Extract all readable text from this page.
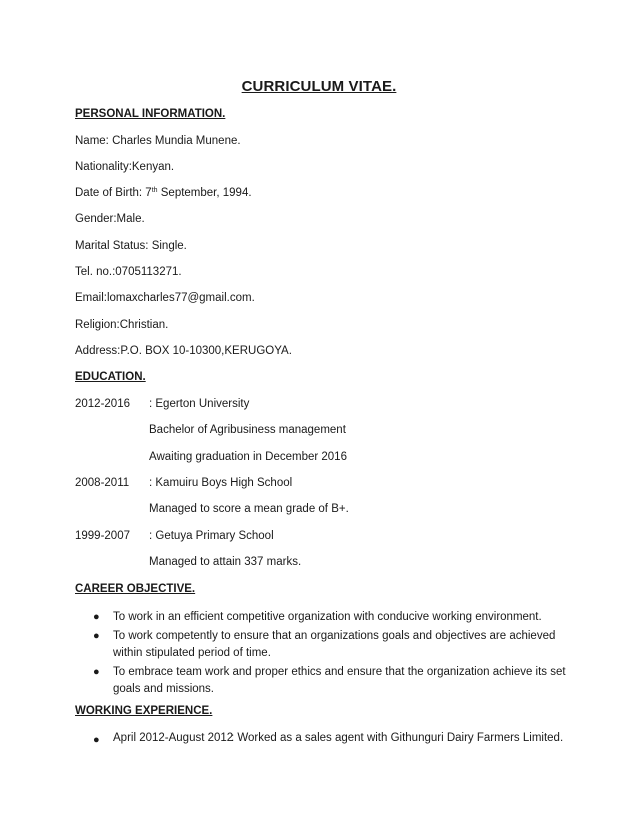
CURRICULUM VITAE.
PERSONAL INFORMATION.
Name: Charles Mundia Munene.
Nationality:Kenyan.
Date of Birth: 7th September, 1994.
Gender:Male.
Marital Status: Single.
Tel. no.:0705113271.
Email:lomaxcharles77@gmail.com.
Religion:Christian.
Address:P.O. BOX 10-10300,KERUGOYA.
EDUCATION.
2012-2016 : Egerton University
Bachelor of Agribusiness management
Awaiting graduation in December 2016
2008-2011 : Kamuiru Boys High School
Managed to score a mean grade of B+.
1999-2007 : Getuya Primary School
Managed to attain 337 marks.
CAREER OBJECTIVE.
● To work in an efficient competitive organization with conducive working environment.
● To work competently to ensure that an organizations goals and objectives are achieved within stipulated period of time.
● To embrace team work and proper ethics and ensure that the organization achieve its set goals and missions.
WORKING EXPERIENCE.
● April 2012-August 2012: Worked as a sales agent with Githunguri Dairy Farmers Limited.
